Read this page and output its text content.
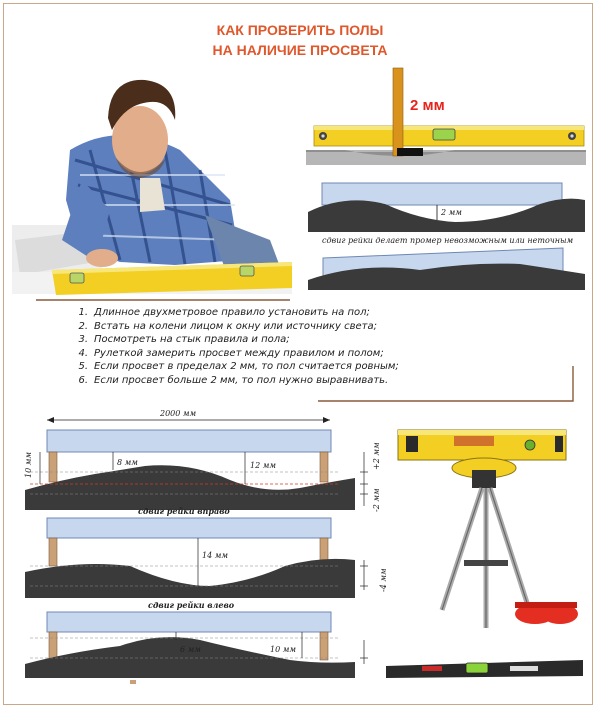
КАК ПРОВЕРИТЬ ПОЛЫ
НА НАЛИЧИЕ ПРОСВЕТА
2 мм
2 мм
сдвиг рейки делает промер невозможным или неточным
2000 мм
10 мм	8 мм	12 мм	+2 мм
-2 мм
сдвиг рейки вправо
14 мм
-4 мм
сдвиг рейки влево
6 мм	10 мм
1. Длинное двухметровое правило установить на пол;
2. Встать на колени лицом к окну или источнику света;
3. Посмотреть на стык правила и пола;
4. Рулеткой замерить просвет между правилом и полом;
5. Если просвет в пределах 2 мм, то пол считается ровным;
6. Если просвет больше 2 мм, то пол нужно выравнивать.
